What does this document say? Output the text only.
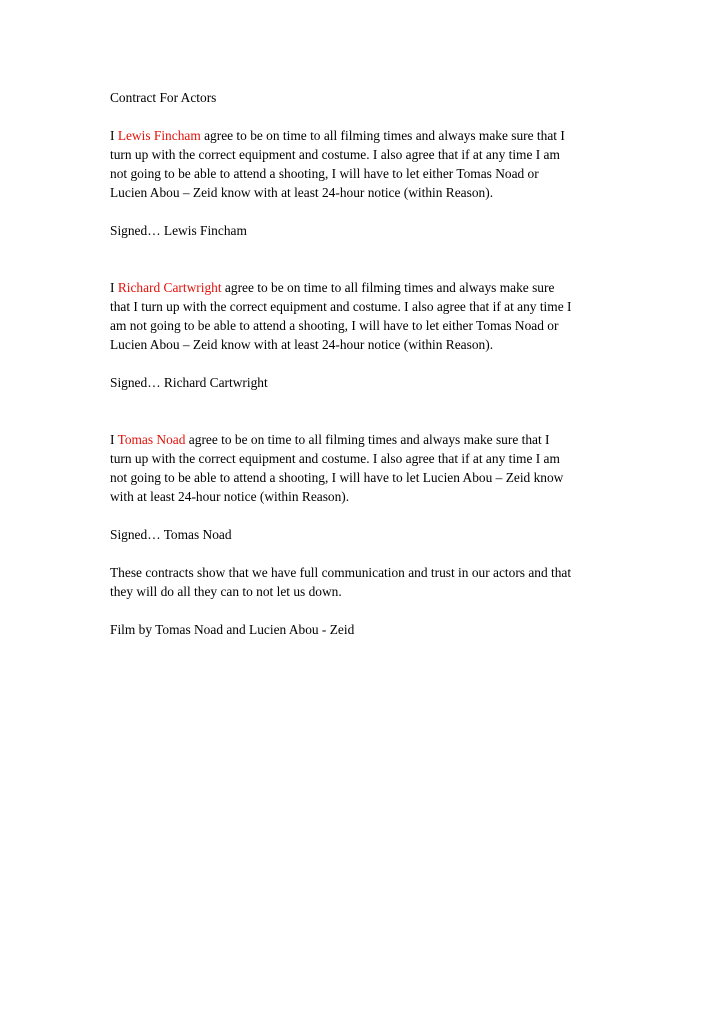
Contract For Actors

I Lewis Fincham agree to be on time to all filming times and always make sure that I
turn up with the correct equipment and costume. I also agree that if at any time I am
not going to be able to attend a shooting, I will have to let either Tomas Noad or
Lucien Abou – Zeid know with at least 24-hour notice (within Reason).

Signed… Lewis Fincham

I Richard Cartwright agree to be on time to all filming times and always make sure
that I turn up with the correct equipment and costume. I also agree that if at any time I
am not going to be able to attend a shooting, I will have to let either Tomas Noad or
Lucien Abou – Zeid know with at least 24-hour notice (within Reason).

Signed… Richard Cartwright

I Tomas Noad agree to be on time to all filming times and always make sure that I
turn up with the correct equipment and costume. I also agree that if at any time I am
not going to be able to attend a shooting, I will have to let Lucien Abou – Zeid know
with at least 24-hour notice (within Reason).

Signed… Tomas Noad

These contracts show that we have full communication and trust in our actors and that
they will do all they can to not let us down.

Film by Tomas Noad and Lucien Abou - Zeid
